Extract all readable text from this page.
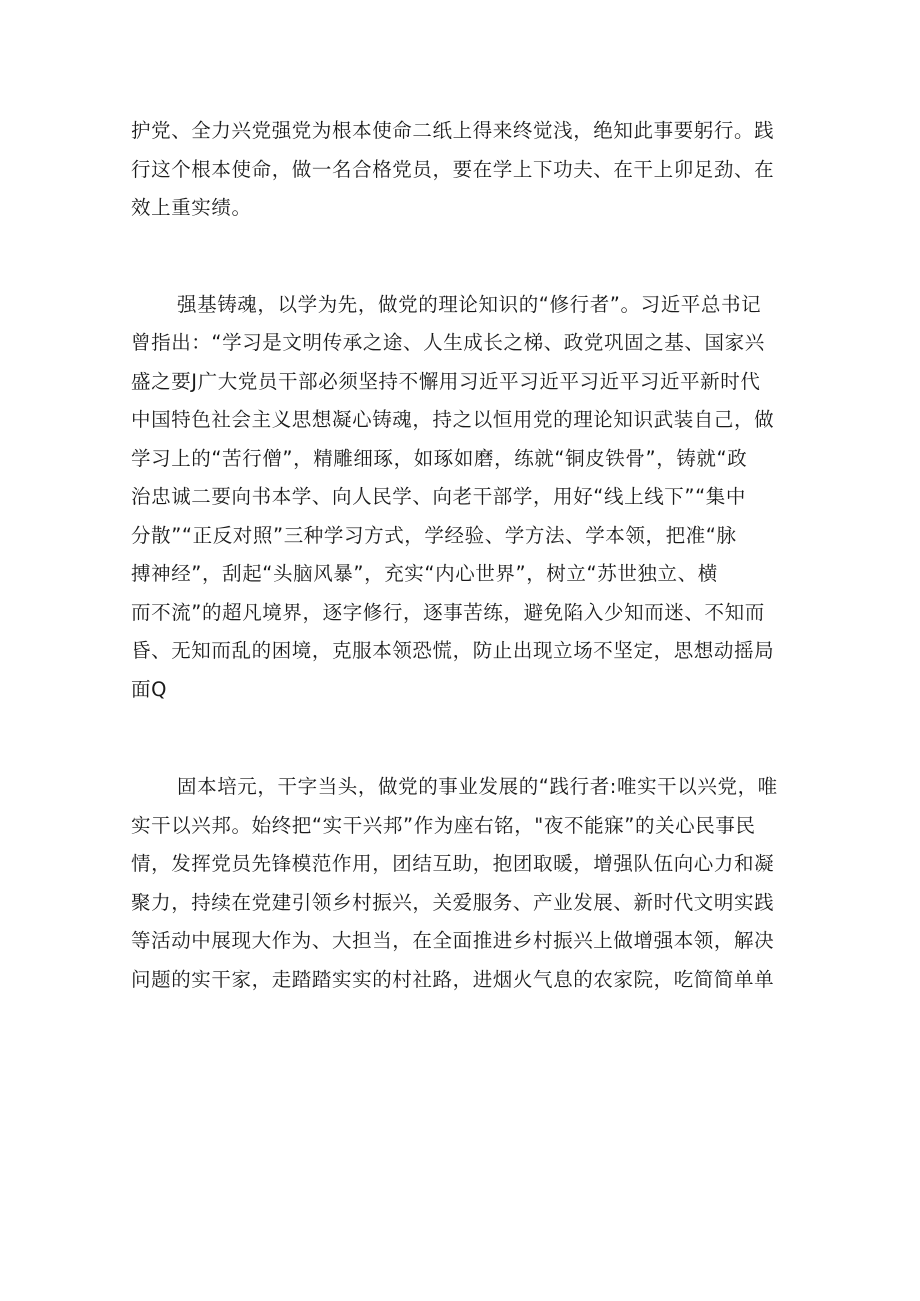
护党、全力兴党强党为根本使命二纸上得来终觉浅，绝知此事要躬行。践
行这个根本使命，做一名合格党员，要在学上下功夫、在干上卯足劲、在
效上重实绩。
强基铸魂，以学为先，做党的理论知识的“修行者”。习近平总书记
曾指出：“学习是文明传承之途、人生成长之梯、政党巩固之基、国家兴
盛之要J广大党员干部必须坚持不懈用习近平习近平习近平习近平新时代
中国特色社会主义思想凝心铸魂，持之以恒用党的理论知识武装自己，做
学习上的“苦行僧”，精雕细琢，如琢如磨，练就“铜皮铁骨”，铸就“政
治忠诚二要向书本学、向人民学、向老干部学，用好“线上线下”“集中
分散”“正反对照”三种学习方式，学经验、学方法、学本领，把准“脉
搏神经”，刮起“头脑风暴”，充实“内心世界”，树立“苏世独立、横
而不流”的超凡境界，逐字修行，逐事苦练，避免陷入少知而迷、不知而
昏、无知而乱的困境，克服本领恐慌，防止出现立场不坚定，思想动摇局
面Q
固本培元，干字当头，做党的事业发展的“践行者:唯实干以兴党，唯
实干以兴邦。始终把“实干兴邦”作为座右铭，"夜不能寐”的关心民事民
情，发挥党员先锋模范作用，团结互助，抱团取暖，增强队伍向心力和凝
聚力，持续在党建引领乡村振兴，关爱服务、产业发展、新时代文明实践
等活动中展现大作为、大担当，在全面推进乡村振兴上做增强本领，解决
问题的实干家，走踏踏实实的村社路，进烟火气息的农家院，吃简简单单
